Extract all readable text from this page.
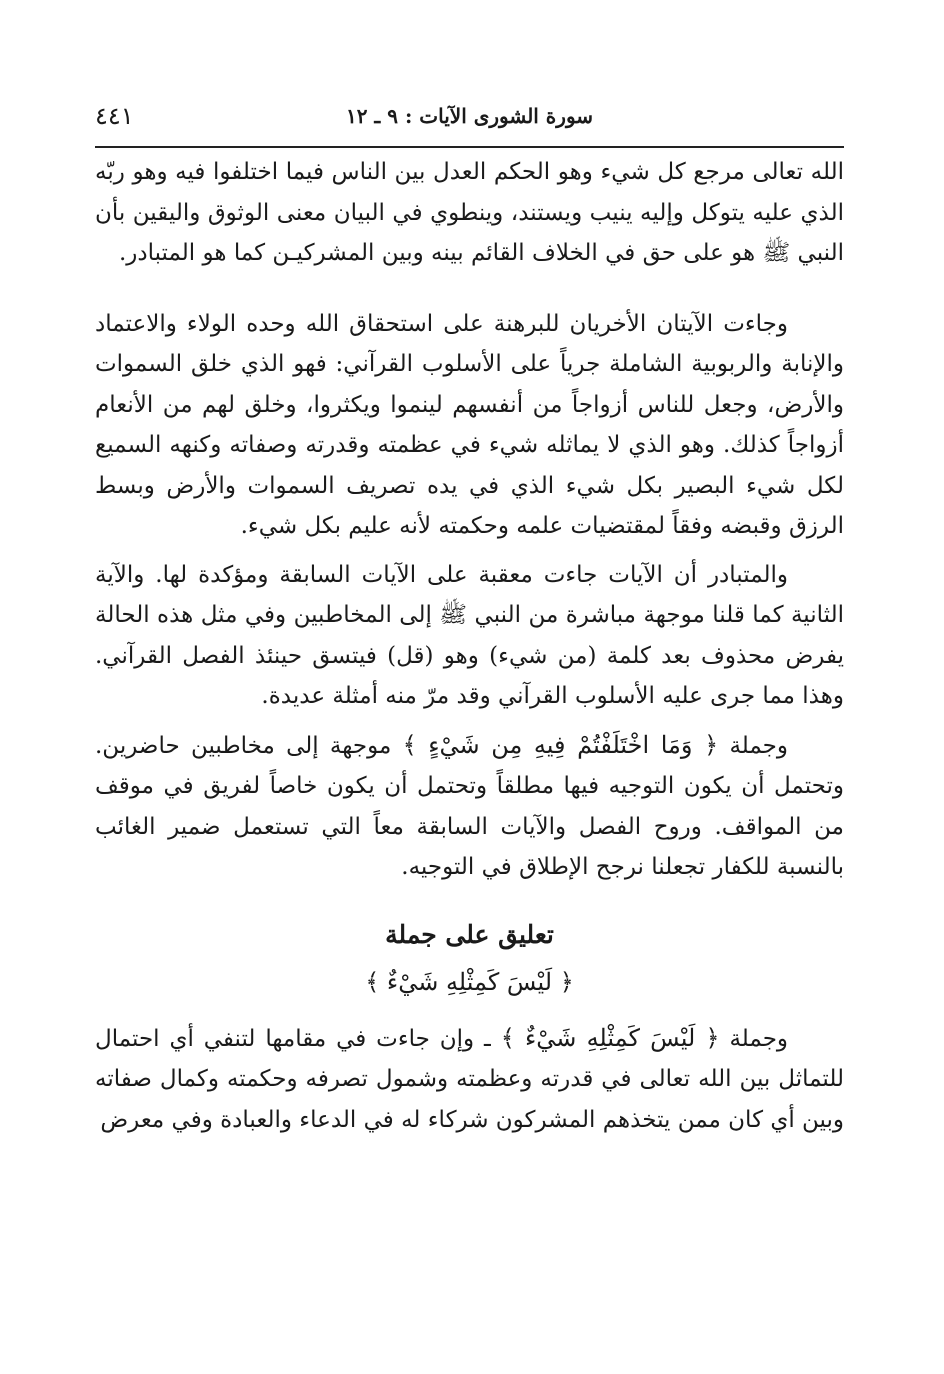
٤٤١	سورة الشورى الآيات : ٩ ـ ١٢

الله تعالى مرجع كل شيء وهو الحكم العدل بين الناس فيما اختلفوا فيه وهو ربّه الذي عليه يتوكل وإليه ينيب ويستند، وينطوي في البيان معنى الوثوق واليقين بأن النبي ﷺ هو على حق في الخلاف القائم بينه وبين المشركيـن كما هو المتبادر.

وجاءت الآيتان الأخريان للبرهنة على استحقاق الله وحده الولاء والاعتماد والإنابة والربوبية الشاملة جرياً على الأسلوب القرآني: فهو الذي خلق السموات والأرض، وجعل للناس أزواجاً من أنفسهم لينموا ويكثروا، وخلق لهم من الأنعام أزواجاً كذلك. وهو الذي لا يماثله شيء في عظمته وقدرته وصفاته وكنهه السميع لكل شيء البصير بكل شيء الذي في يده تصريف السموات والأرض وبسط الرزق وقبضه وفقاً لمقتضيات علمه وحكمته لأنه عليم بكل شيء.

والمتبادر أن الآيات جاءت معقبة على الآيات السابقة ومؤكدة لها. والآية الثانية كما قلنا موجهة مباشرة من النبي ﷺ إلى المخاطبين وفي مثل هذه الحالة يفرض محذوف بعد كلمة (من شيء) وهو (قل) فيتسق حينئذ الفصل القرآني. وهذا مما جرى عليه الأسلوب القرآني وقد مرّ منه أمثلة عديدة.

وجملة ﴿ وَمَا اخْتَلَفْتُمْ فِيهِ مِن شَيْءٍ ﴾ موجهة إلى مخاطبين حاضرين. وتحتمل أن يكون التوجيه فيها مطلقاً وتحتمل أن يكون خاصاً لفريق في موقف من المواقف. وروح الفصل والآيات السابقة معاً التي تستعمل ضمير الغائب بالنسبة للكفار تجعلنا نرجح الإطلاق في التوجيه.

تعليق على جملة
﴿ لَيْسَ كَمِثْلِهِ شَيْءٌ ﴾

وجملة ﴿ لَيْسَ كَمِثْلِهِ شَيْءٌ ﴾ ـ وإن جاءت في مقامها لتنفي أي احتمال للتماثل بين الله تعالى في قدرته وعظمته وشمول تصرفه وحكمته وكمال صفاته وبين أي كان ممن يتخذهم المشركون شركاء له في الدعاء والعبادة وفي معرض
